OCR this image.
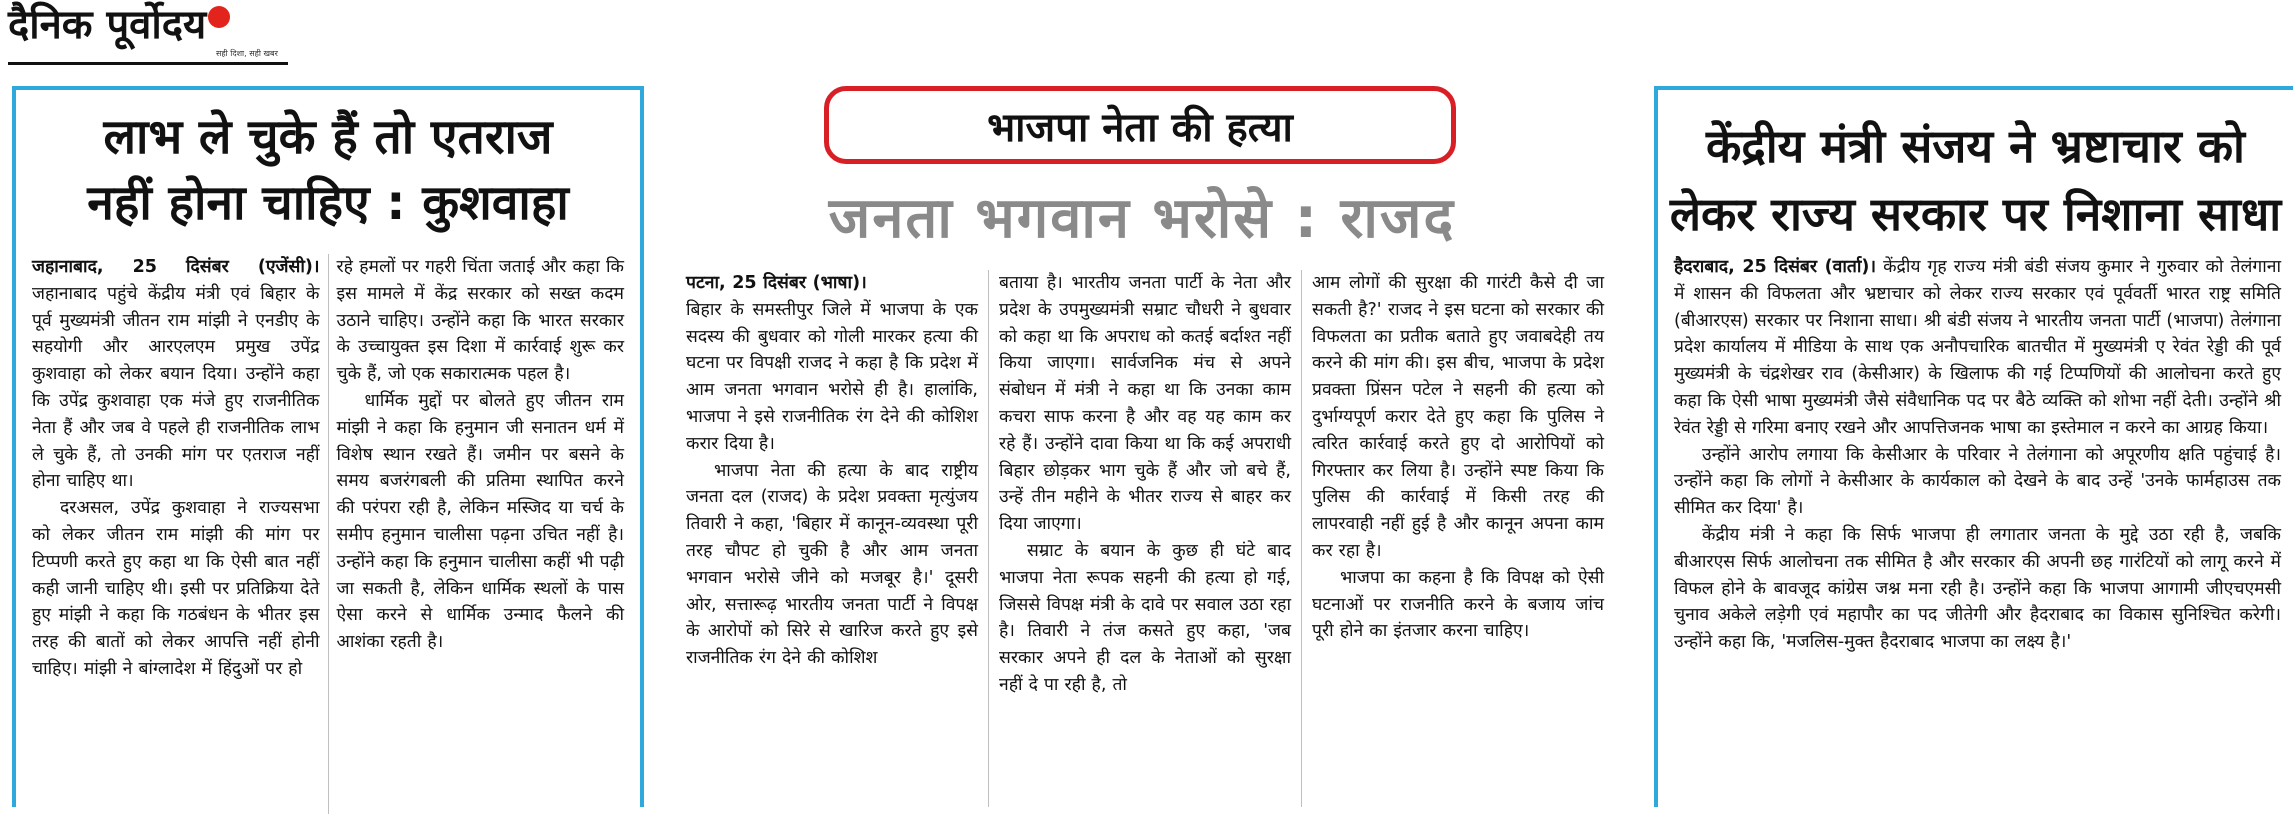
दैनिक पूर्वोदय
सही दिशा, सही खबर
लाभ ले चुके हैं तो एतराज
नहीं होना चाहिए : कुशवाहा

जहानाबाद, 25 दिसंबर (एजेंसी)। जहानाबाद पहुंचे केंद्रीय मंत्री एवं बिहार के पूर्व मुख्यमंत्री जीतन राम मांझी ने एनडीए के सहयोगी और आरएलएम प्रमुख उपेंद्र कुशवाहा को लेकर बयान दिया। उन्होंने कहा कि उपेंद्र कुशवाहा एक मंजे हुए राजनीतिक नेता हैं और जब वे पहले ही राजनीतिक लाभ ले चुके हैं, तो उनकी मांग पर एतराज नहीं होना चाहिए था।

दरअसल, उपेंद्र कुशवाहा ने राज्यसभा को लेकर जीतन राम मांझी की मांग पर टिप्पणी करते हुए कहा था कि ऐसी बात नहीं कही जानी चाहिए थी। इसी पर प्रतिक्रिया देते हुए मांझी ने कहा कि गठबंधन के भीतर इस तरह की बातों को लेकर आपत्ति नहीं होनी चाहिए। मांझी ने बांग्लादेश में हिंदुओं पर हो

रहे हमलों पर गहरी चिंता जताई और कहा कि इस मामले में केंद्र सरकार को सख्त कदम उठाने चाहिए। उन्होंने कहा कि भारत सरकार के उच्चायुक्त इस दिशा में कार्रवाई शुरू कर चुके हैं, जो एक सकारात्मक पहल है।

धार्मिक मुद्दों पर बोलते हुए जीतन राम मांझी ने कहा कि हनुमान जी सनातन धर्म में विशेष स्थान रखते हैं। जमीन पर बसने के समय बजरंगबली की प्रतिमा स्थापित करने की परंपरा रही है, लेकिन मस्जिद या चर्च के समीप हनुमान चालीसा पढ़ना उचित नहीं है। उन्होंने कहा कि हनुमान चालीसा कहीं भी पढ़ी जा सकती है, लेकिन धार्मिक स्थलों के पास ऐसा करने से धार्मिक उन्माद फैलने की आशंका रहती है।

भाजपा नेता की हत्या
जनता भगवान भरोसे : राजद

पटना, 25 दिसंबर (भाषा)।
बिहार के समस्तीपुर जिले में भाजपा के एक सदस्य की बुधवार को गोली मारकर हत्या की घटना पर विपक्षी राजद ने कहा है कि प्रदेश में आम जनता भगवान भरोसे ही है। हालांकि, भाजपा ने इसे राजनीतिक रंग देने की कोशिश करार दिया है।

भाजपा नेता की हत्या के बाद राष्ट्रीय जनता दल (राजद) के प्रदेश प्रवक्ता मृत्युंजय तिवारी ने कहा, 'बिहार में कानून-व्यवस्था पूरी तरह चौपट हो चुकी है और आम जनता भगवान भरोसे जीने को मजबूर है।' दूसरी ओर, सत्तारूढ़ भारतीय जनता पार्टी ने विपक्ष के आरोपों को सिरे से खारिज करते हुए इसे राजनीतिक रंग देने की कोशिश

बताया है। भारतीय जनता पार्टी के नेता और प्रदेश के उपमुख्यमंत्री सम्राट चौधरी ने बुधवार को कहा था कि अपराध को कतई बर्दाश्त नहीं किया जाएगा। सार्वजनिक मंच से अपने संबोधन में मंत्री ने कहा था कि उनका काम कचरा साफ करना है और वह यह काम कर रहे हैं। उन्होंने दावा किया था कि कई अपराधी बिहार छोड़कर भाग चुके हैं और जो बचे हैं, उन्हें तीन महीने के भीतर राज्य से बाहर कर दिया जाएगा।

सम्राट के बयान के कुछ ही घंटे बाद भाजपा नेता रूपक सहनी की हत्या हो गई, जिससे विपक्ष मंत्री के दावे पर सवाल उठा रहा है। तिवारी ने तंज कसते हुए कहा, 'जब सरकार अपने ही दल के नेताओं को सुरक्षा नहीं दे पा रही है, तो

आम लोगों की सुरक्षा की गारंटी कैसे दी जा सकती है?' राजद ने इस घटना को सरकार की विफलता का प्रतीक बताते हुए जवाबदेही तय करने की मांग की। इस बीच, भाजपा के प्रदेश प्रवक्ता प्रिंसन पटेल ने सहनी की हत्या को दुर्भाग्यपूर्ण करार देते हुए कहा कि पुलिस ने त्वरित कार्रवाई करते हुए दो आरोपियों को गिरफ्तार कर लिया है। उन्होंने स्पष्ट किया कि पुलिस की कार्रवाई में किसी तरह की लापरवाही नहीं हुई है और कानून अपना काम कर रहा है।

भाजपा का कहना है कि विपक्ष को ऐसी घटनाओं पर राजनीति करने के बजाय जांच पूरी होने का इंतजार करना चाहिए।

केंद्रीय मंत्री संजय ने भ्रष्टाचार को
लेकर राज्य सरकार पर निशाना साधा

हैदराबाद, 25 दिसंबर (वार्ता)। केंद्रीय गृह राज्य मंत्री बंडी संजय कुमार ने गुरुवार को तेलंगाना में शासन की विफलता और भ्रष्टाचार को लेकर राज्य सरकार एवं पूर्ववर्ती भारत राष्ट्र समिति (बीआरएस) सरकार पर निशाना साधा। श्री बंडी संजय ने भारतीय जनता पार्टी (भाजपा) तेलंगाना प्रदेश कार्यालय में मीडिया के साथ एक अनौपचारिक बातचीत में मुख्यमंत्री ए रेवंत रेड्डी की पूर्व मुख्यमंत्री के चंद्रशेखर राव (केसीआर) के खिलाफ की गई टिप्पणियों की आलोचना करते हुए कहा कि ऐसी भाषा मुख्यमंत्री जैसे संवैधानिक पद पर बैठे व्यक्ति को शोभा नहीं देती। उन्होंने श्री रेवंत रेड्डी से गरिमा बनाए रखने और आपत्तिजनक भाषा का इस्तेमाल न करने का आग्रह किया।

उन्होंने आरोप लगाया कि केसीआर के परिवार ने तेलंगाना को अपूरणीय क्षति पहुंचाई है। उन्होंने कहा कि लोगों ने केसीआर के कार्यकाल को देखने के बाद उन्हें 'उनके फार्महाउस तक सीमित कर दिया' है।

केंद्रीय मंत्री ने कहा कि सिर्फ भाजपा ही लगातार जनता के मुद्दे उठा रही है, जबकि बीआरएस सिर्फ आलोचना तक सीमित है और सरकार की अपनी छह गारंटियों को लागू करने में विफल होने के बावजूद कांग्रेस जश्न मना रही है। उन्होंने कहा कि भाजपा आगामी जीएचएमसी चुनाव अकेले लड़ेगी एवं महापौर का पद जीतेगी और हैदराबाद का विकास सुनिश्चित करेगी। उन्होंने कहा कि, 'मजलिस-मुक्त हैदराबाद भाजपा का लक्ष्य है।'
